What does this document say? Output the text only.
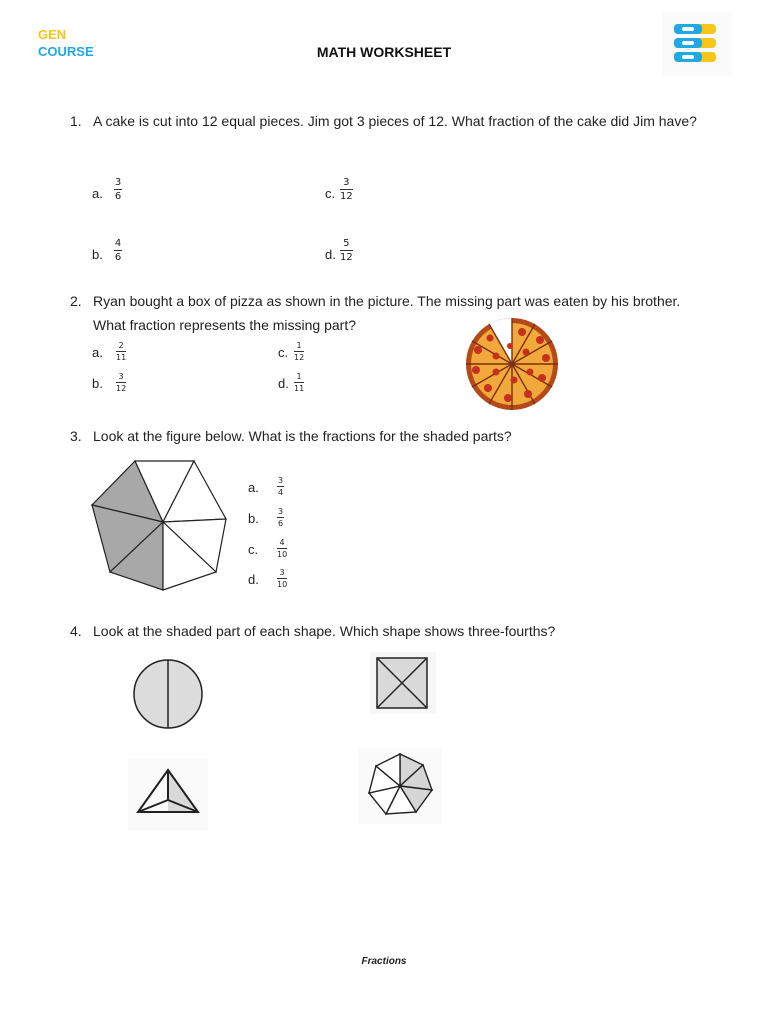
GEN
COURSE	MATH WORKSHEET
1. A cake is cut into 12 equal pieces. Jim got 3 pieces of 12. What fraction of the cake did Jim have?
a.
3
6
b.
4
6
c.
3
12
d.
5
12
2. Ryan bought a box of pizza as shown in the picture. The missing part was eaten by his brother. What fraction represents the missing part?
a. 2
11
b. 3
12
c. 1
12
d. 1
11
3. Look at the figure below. What is the fractions for the shaded parts?
a. 3
4
b. 3
6
c.	4
10
d.	3
10
4. Look at the shaded part of each shape. Which shape shows three-fourths?
Fractions
